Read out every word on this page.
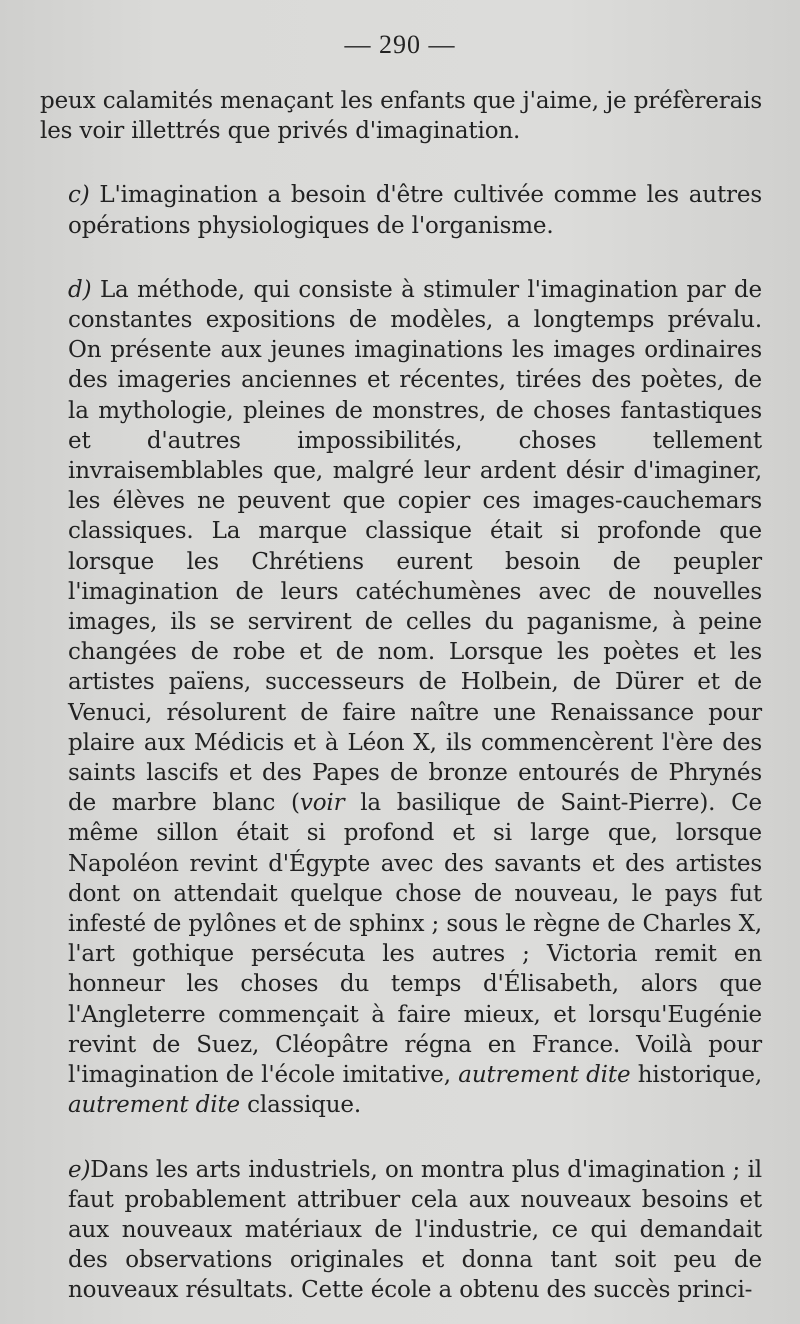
— 290 —

peux calamités menaçant les enfants que j'aime, je préfèrerais les voir illettrés que privés d'imagination.

c) L'imagination a besoin d'être cultivée comme les autres opérations physiologiques de l'organisme.

d) La méthode, qui consiste à stimuler l'imagination par de constantes expositions de modèles, a longtemps prévalu. On présente aux jeunes imaginations les images ordinaires des imageries anciennes et récentes, tirées des poètes, de la mythologie, pleines de monstres, de choses fantastiques et d'autres impossibilités, choses tellement invraisemblables que, malgré leur ardent désir d'imaginer, les élèves ne peuvent que copier ces images-cauchemars classiques. La marque classique était si profonde que lorsque les Chrétiens eurent besoin de peupler l'imagination de leurs catéchumènes avec de nouvelles images, ils se servirent de celles du paganisme, à peine changées de robe et de nom. Lorsque les poètes et les artistes païens, successeurs de Holbein, de Dürer et de Venuci, résolurent de faire naître une Renaissance pour plaire aux Médicis et à Léon X, ils commencèrent l'ère des saints lascifs et des Papes de bronze entourés de Phrynés de marbre blanc (voir la basilique de Saint-Pierre). Ce même sillon était si profond et si large que, lorsque Napoléon revint d'Égypte avec des savants et des artistes dont on attendait quelque chose de nouveau, le pays fut infesté de pylônes et de sphinx ; sous le règne de Charles X, l'art gothique persécuta les autres ; Victoria remit en honneur les choses du temps d'Élisabeth, alors que l'Angleterre commençait à faire mieux, et lorsqu'Eugénie revint de Suez, Cléopâtre régna en France. Voilà pour l'imagination de l'école imitative, autrement dite historique, autrement dite classique.

e)Dans les arts industriels, on montra plus d'imagination ; il faut probablement attribuer cela aux nouveaux besoins et aux nouveaux matériaux de l'industrie, ce qui demandait des observations originales et donna tant soit peu de nouveaux résultats. Cette école a obtenu des succès princi-
